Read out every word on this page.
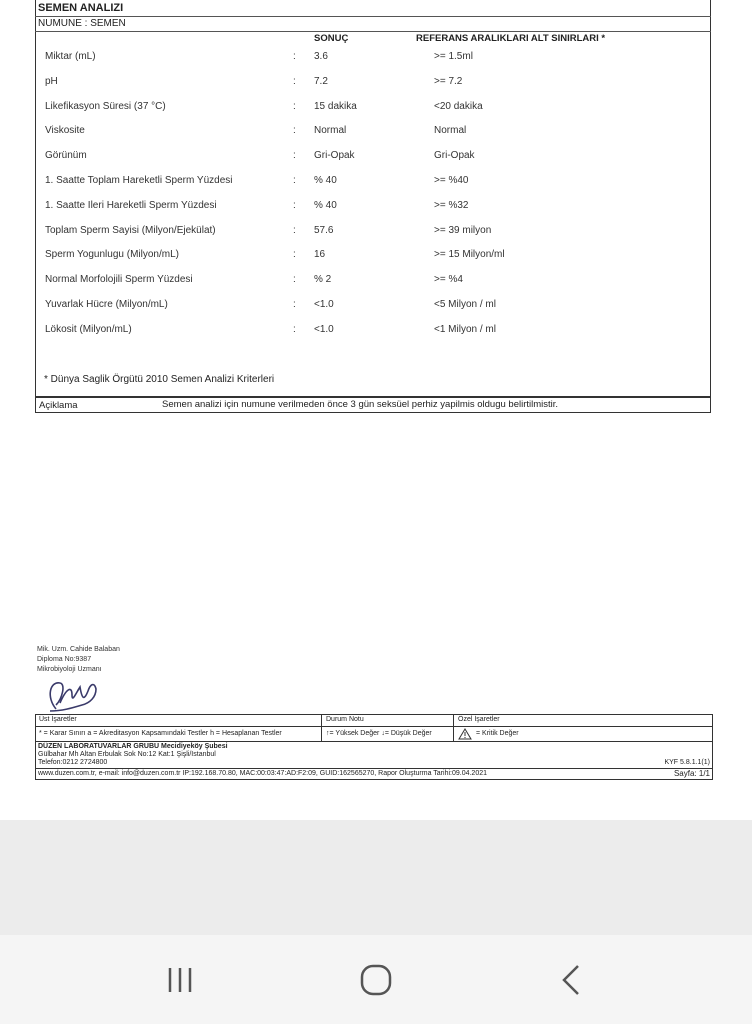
SEMEN ANALIZI
NUMUNE : SEMEN
SONUÇ	REFERANS ARALIKLARI ALT SINIRLARI *
Miktar (mL)	: 3.6	>= 1.5ml
pH	: 7.2	>= 7.2
Likefikasyon Süresi (37 °C)	: 15 dakika	<20 dakika
Viskosite	: Normal	Normal
Görünüm	: Gri-Opak	Gri-Opak
1. Saatte Toplam Hareketli Sperm Yüzdesi	: % 40	>= %40
1. Saatte Ileri Hareketli Sperm Yüzdesi	: % 40	>= %32
Toplam Sperm Sayisi (Milyon/Ejekülat)	: 57.6	>= 39 milyon
Sperm Yogunlugu (Milyon/mL)	: 16	>= 15 Milyon/ml
Normal Morfolojili Sperm Yüzdesi	: % 2	>= %4
Yuvarlak Hücre (Milyon/mL)	: <1.0	<5 Milyon / ml
Lökosit (Milyon/mL)	: <1.0	<1 Milyon / ml
* Dünya Saglik Örgütü 2010 Semen Analizi Kriterleri
Açiklama	Semen analizi için numune verilmeden önce 3 gün seksüel perhiz yapilmis oldugu belirtilmistir.
Mik. Uzm. Cahide Balaban
Diploma No:9387
Mikrobiyoloji Uzmanı
Üst İşaretler	Durum Notu	Özel İşaretler
* = Karar Sınırı a = Akreditasyon Kapsamındaki Testler h = Hesaplanan Testler	↑= Yüksek Değer ↓= Düşük Değer	= Kritik Değer
DÜZEN LABORATUVARLAR GRUBU Mecidiyeköy Şubesi
Gülbahar Mh Altan Erbulak Sok No:12 Kat:1 Şişli/Istanbul
Telefon:0212 2724800	KYF 5.8.1.1(1)
www.duzen.com.tr, e-mail: info@duzen.com.tr IP:192.168.70.80, MAC:00:03:47:AD:F2:09, GUID:162565270, Rapor Oluşturma Tarihi:09.04.2021	Sayfa: 1/1
